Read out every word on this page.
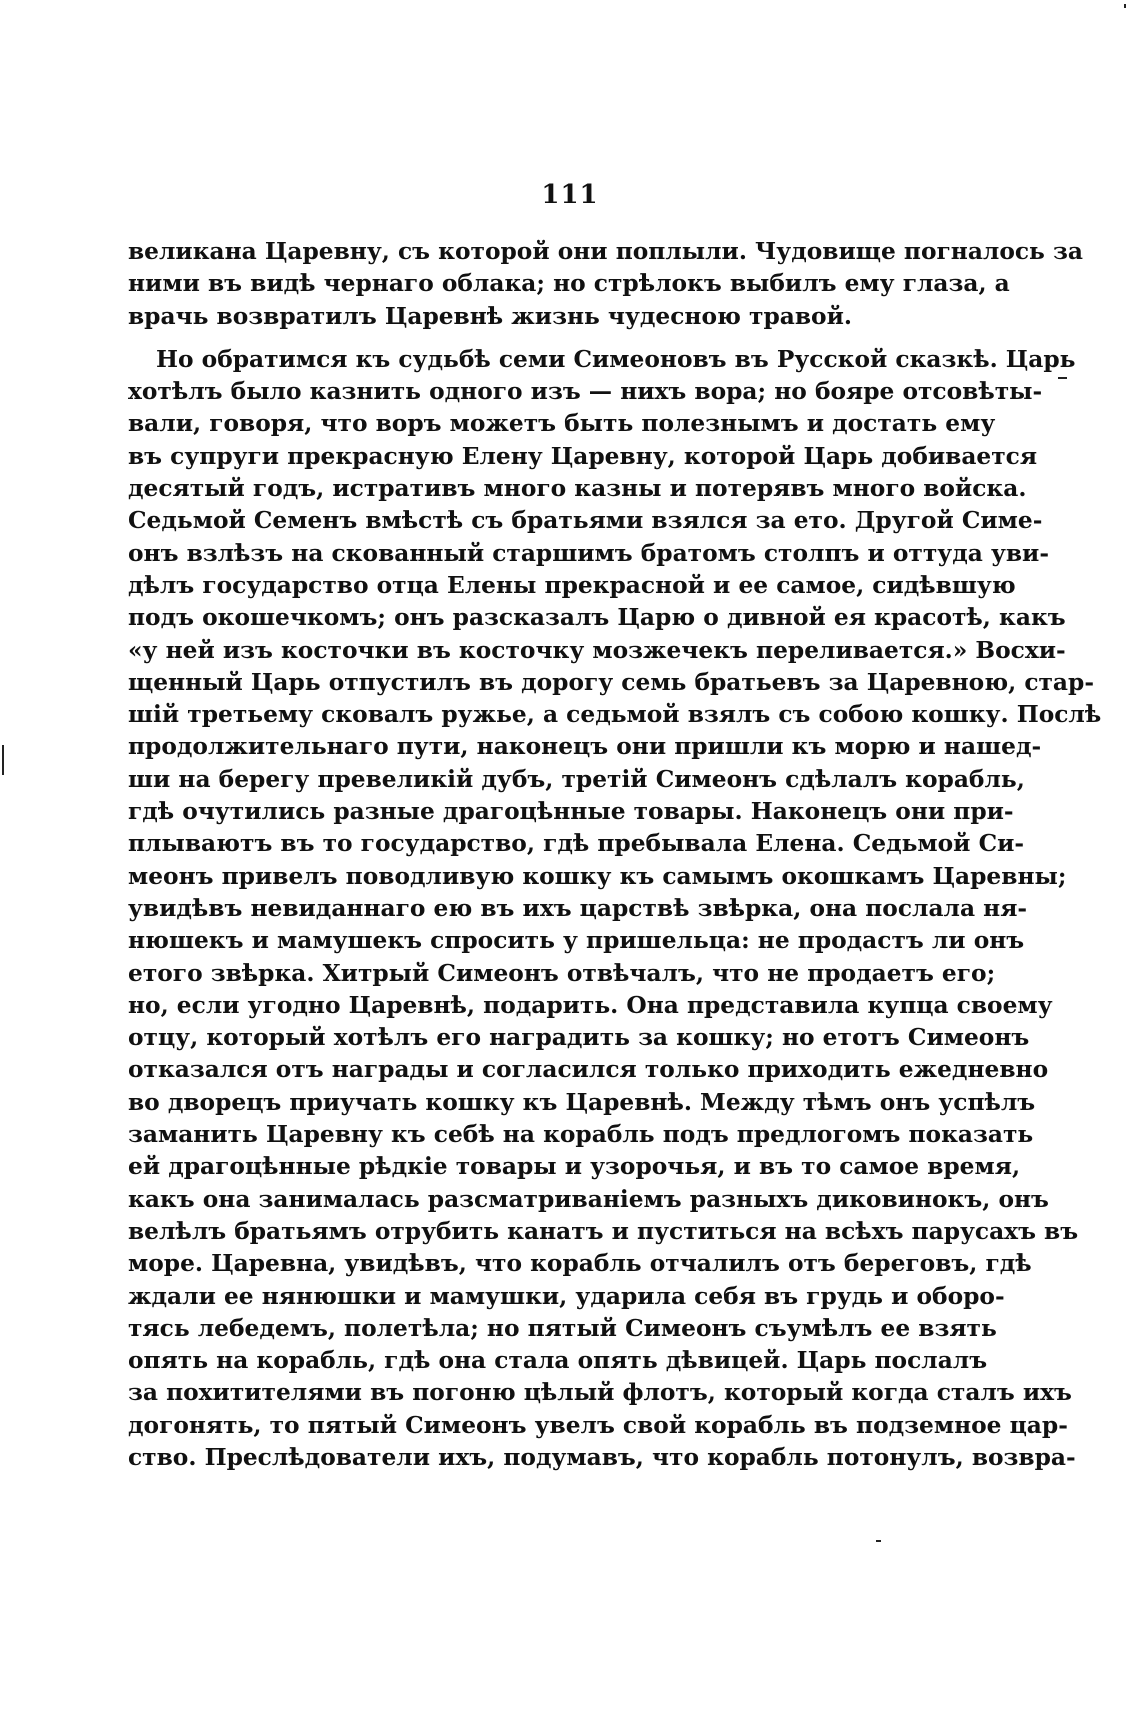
111
великана Царевну, съ которой они поплыли. Чудовище погналось за
ними въ видѣ чернаго облака; но стрѣлокъ выбилъ ему глаза, а
врачь возвратилъ Царевнѣ жизнь чудесною травой.
Но обратимся къ судьбѣ семи Симеоновъ въ Русской сказкѣ. Царь
хотѣлъ было казнить одного изъ — нихъ вора; но бояре отсовѣты-
вали, говоря, что воръ можетъ быть полезнымъ и достать ему
въ супруги прекрасную Елену Царевну, которой Царь добивается
десятый годъ, истративъ много казны и потерявъ много войска.
Седьмой Семенъ вмѣстѣ съ братьями взялся за ето. Другой Симе-
онъ взлѣзъ на скованный старшимъ братомъ столпъ и оттуда уви-
дѣлъ государство отца Елены прекрасной и ее самое, сидѣвшую
подъ окошечкомъ; онъ разсказалъ Царю о дивной ея красотѣ, какъ
«у ней изъ косточки въ косточку мозжечекъ переливается.» Восхи-
щенный Царь отпустилъ въ дорогу семь братьевъ за Царевною, стар-
шій третьему сковалъ ружье, а седьмой взялъ съ собою кошку. Послѣ
продолжительнаго пути, наконецъ они пришли къ морю и нашед-
ши на берегу превеликій дубъ, третій Симеонъ сдѣлалъ корабль,
гдѣ очутились разные драгоцѣнные товары. Наконецъ они при-
плываютъ въ то государство, гдѣ пребывала Елена. Седьмой Си-
меонъ привелъ поводливую кошку къ самымъ окошкамъ Царевны;
увидѣвъ невиданнаго ею въ ихъ царствѣ звѣрка, она послала ня-
нюшекъ и мамушекъ спросить у пришельца: не продастъ ли онъ
етого звѣрка. Хитрый Симеонъ отвѣчалъ, что не продаетъ его;
но, если угодно Царевнѣ, подарить. Она представила купца своему
отцу, который хотѣлъ его наградить за кошку; но етотъ Симеонъ
отказался отъ награды и согласился только приходить ежедневно
во дворецъ приучать кошку къ Царевнѣ. Между тѣмъ онъ успѣлъ
заманить Царевну къ себѣ на корабль подъ предлогомъ показать
ей драгоцѣнные рѣдкіе товары и узорочья, и въ то самое время,
какъ она занималась разсматриваніемъ разныхъ диковинокъ, онъ
велѣлъ братьямъ отрубить канатъ и пуститься на всѣхъ парусахъ въ
море. Царевна, увидѣвъ, что корабль отчалилъ отъ береговъ, гдѣ
ждали ее нянюшки и мамушки, ударила себя въ грудь и оборо-
тясь лебедемъ, полетѣла; но пятый Симеонъ съумѣлъ ее взять
опять на корабль, гдѣ она стала опять дѣвицей. Царь послалъ
за похитителями въ погоню цѣлый флотъ, который когда сталъ ихъ
догонять, то пятый Симеонъ увелъ свой корабль въ подземное цар-
ство. Преслѣдователи ихъ, подумавъ, что корабль потонулъ, возвра-
